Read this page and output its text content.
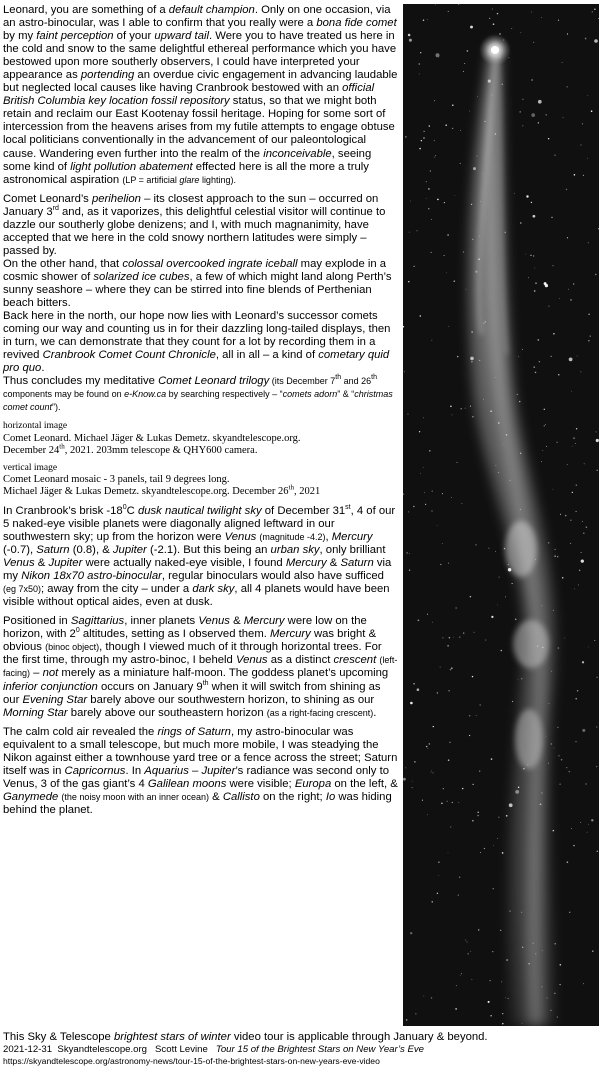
Leonard, you are something of a default champion. Only on one occasion, via an astro-binocular, was I able to confirm that you really were a bona fide comet by my faint perception of your upward tail. Were you to have treated us here in the cold and snow to the same delightful ethereal performance which you have bestowed upon more southerly observers, I could have interpreted your appearance as portending an overdue civic engagement in advancing laudable but neglected local causes like having Cranbrook bestowed with an official British Columbia key location fossil repository status, so that we might both retain and reclaim our East Kootenay fossil heritage. Hoping for some sort of intercession from the heavens arises from my futile attempts to engage obtuse local politicians conventionally in the advancement of our paleontological cause. Wandering even further into the realm of the inconceivable, seeing some kind of light pollution abatement effected here is all the more a truly astronomical aspiration (LP = artificial glare lighting).

Comet Leonard’s perihelion – its closest approach to the sun – occurred on January 3rd and, as it vaporizes, this delightful celestial visitor will continue to dazzle our southerly globe denizens; and I, with much magnanimity, have accepted that we here in the cold snowy northern latitudes were simply – passed by.

On the other hand, that colossal overcooked ingrate iceball may explode in a cosmic shower of solarized ice cubes, a few of which might land along Perth’s sunny seashore – where they can be stirred into fine blends of Perthenian beach bitters.

Back here in the north, our hope now lies with Leonard’s successor comets coming our way and counting us in for their dazzling long-tailed displays, then in turn, we can demonstrate that they count for a lot by recording them in a revived Cranbrook Comet Count Chronicle, all in all – a kind of cometary quid pro quo.

Thus concludes my meditative Comet Leonard trilogy (its December 7th and 26th components may be found on e-Know.ca by searching respectively – “comets adorn” & “christmas comet count”).

horizontal image
Comet Leonard. Michael Jäger & Lukas Demetz. skyandtelescope.org.
December 24th, 2021. 203mm telescope & QHY600 camera.
vertical image
Comet Leonard mosaic - 3 panels, tail 9 degrees long.
Michael Jäger & Lukas Demetz. skyandtelescope.org. December 26th, 2021

In Cranbrook’s brisk $-18^0C$ dusk nautical twilight sky of December 31st, 4 of our 5 naked-eye visible planets were diagonally aligned leftward in our southwestern sky; up from the horizon were Venus (magnitude -4.2), Mercury (-0.7), Saturn (0.8), & Jupiter (-2.1). But this being an urban sky, only brilliant Venus & Jupiter were actually naked-eye visible, I found Mercury & Saturn via my Nikon 18x70 astro-binocular, regular binoculars would also have sufficed (eg 7x50); away from the city – under a dark sky, all 4 planets would have been visible without optical aides, even at dusk.

Positioned in Sagittarius, inner planets Venus & Mercury were low on the horizon, with $2^0$ altitudes, setting as I observed them. Mercury was bright & obvious (binoc object), though I viewed much of it through horizontal trees. For the first time, through my astro-binoc, I beheld Venus as a distinct crescent (left-facing) – not merely as a miniature half-moon. The goddess planet’s upcoming inferior conjunction occurs on January 9th when it will switch from shining as our Evening Star barely above our southwestern horizon, to shining as our Morning Star barely above our southeastern horizon (as a right-facing crescent).

The calm cold air revealed the rings of Saturn, my astro-binocular was equivalent to a small telescope, but much more mobile, I was steadying the Nikon against either a townhouse yard tree or a fence across the street; Saturn itself was in Capricornus. In Aquarius – Jupiter’s radiance was second only to Venus, 3 of the gas giant’s 4 Galilean moons were visible; Europa on the left, & Ganymede (the noisy moon with an inner ocean) & Callisto on the right; Io was hiding behind the planet.

This Sky & Telescope brightest stars of winter video tour is applicable through January & beyond.
2021-12-31 Skyandtelescope.org Scott Levine Tour 15 of the Brightest Stars on New Year’s Eve
https://skyandtelescope.org/astronomy-news/tour-15-of-the-brightest-stars-on-new-years-eve-video
